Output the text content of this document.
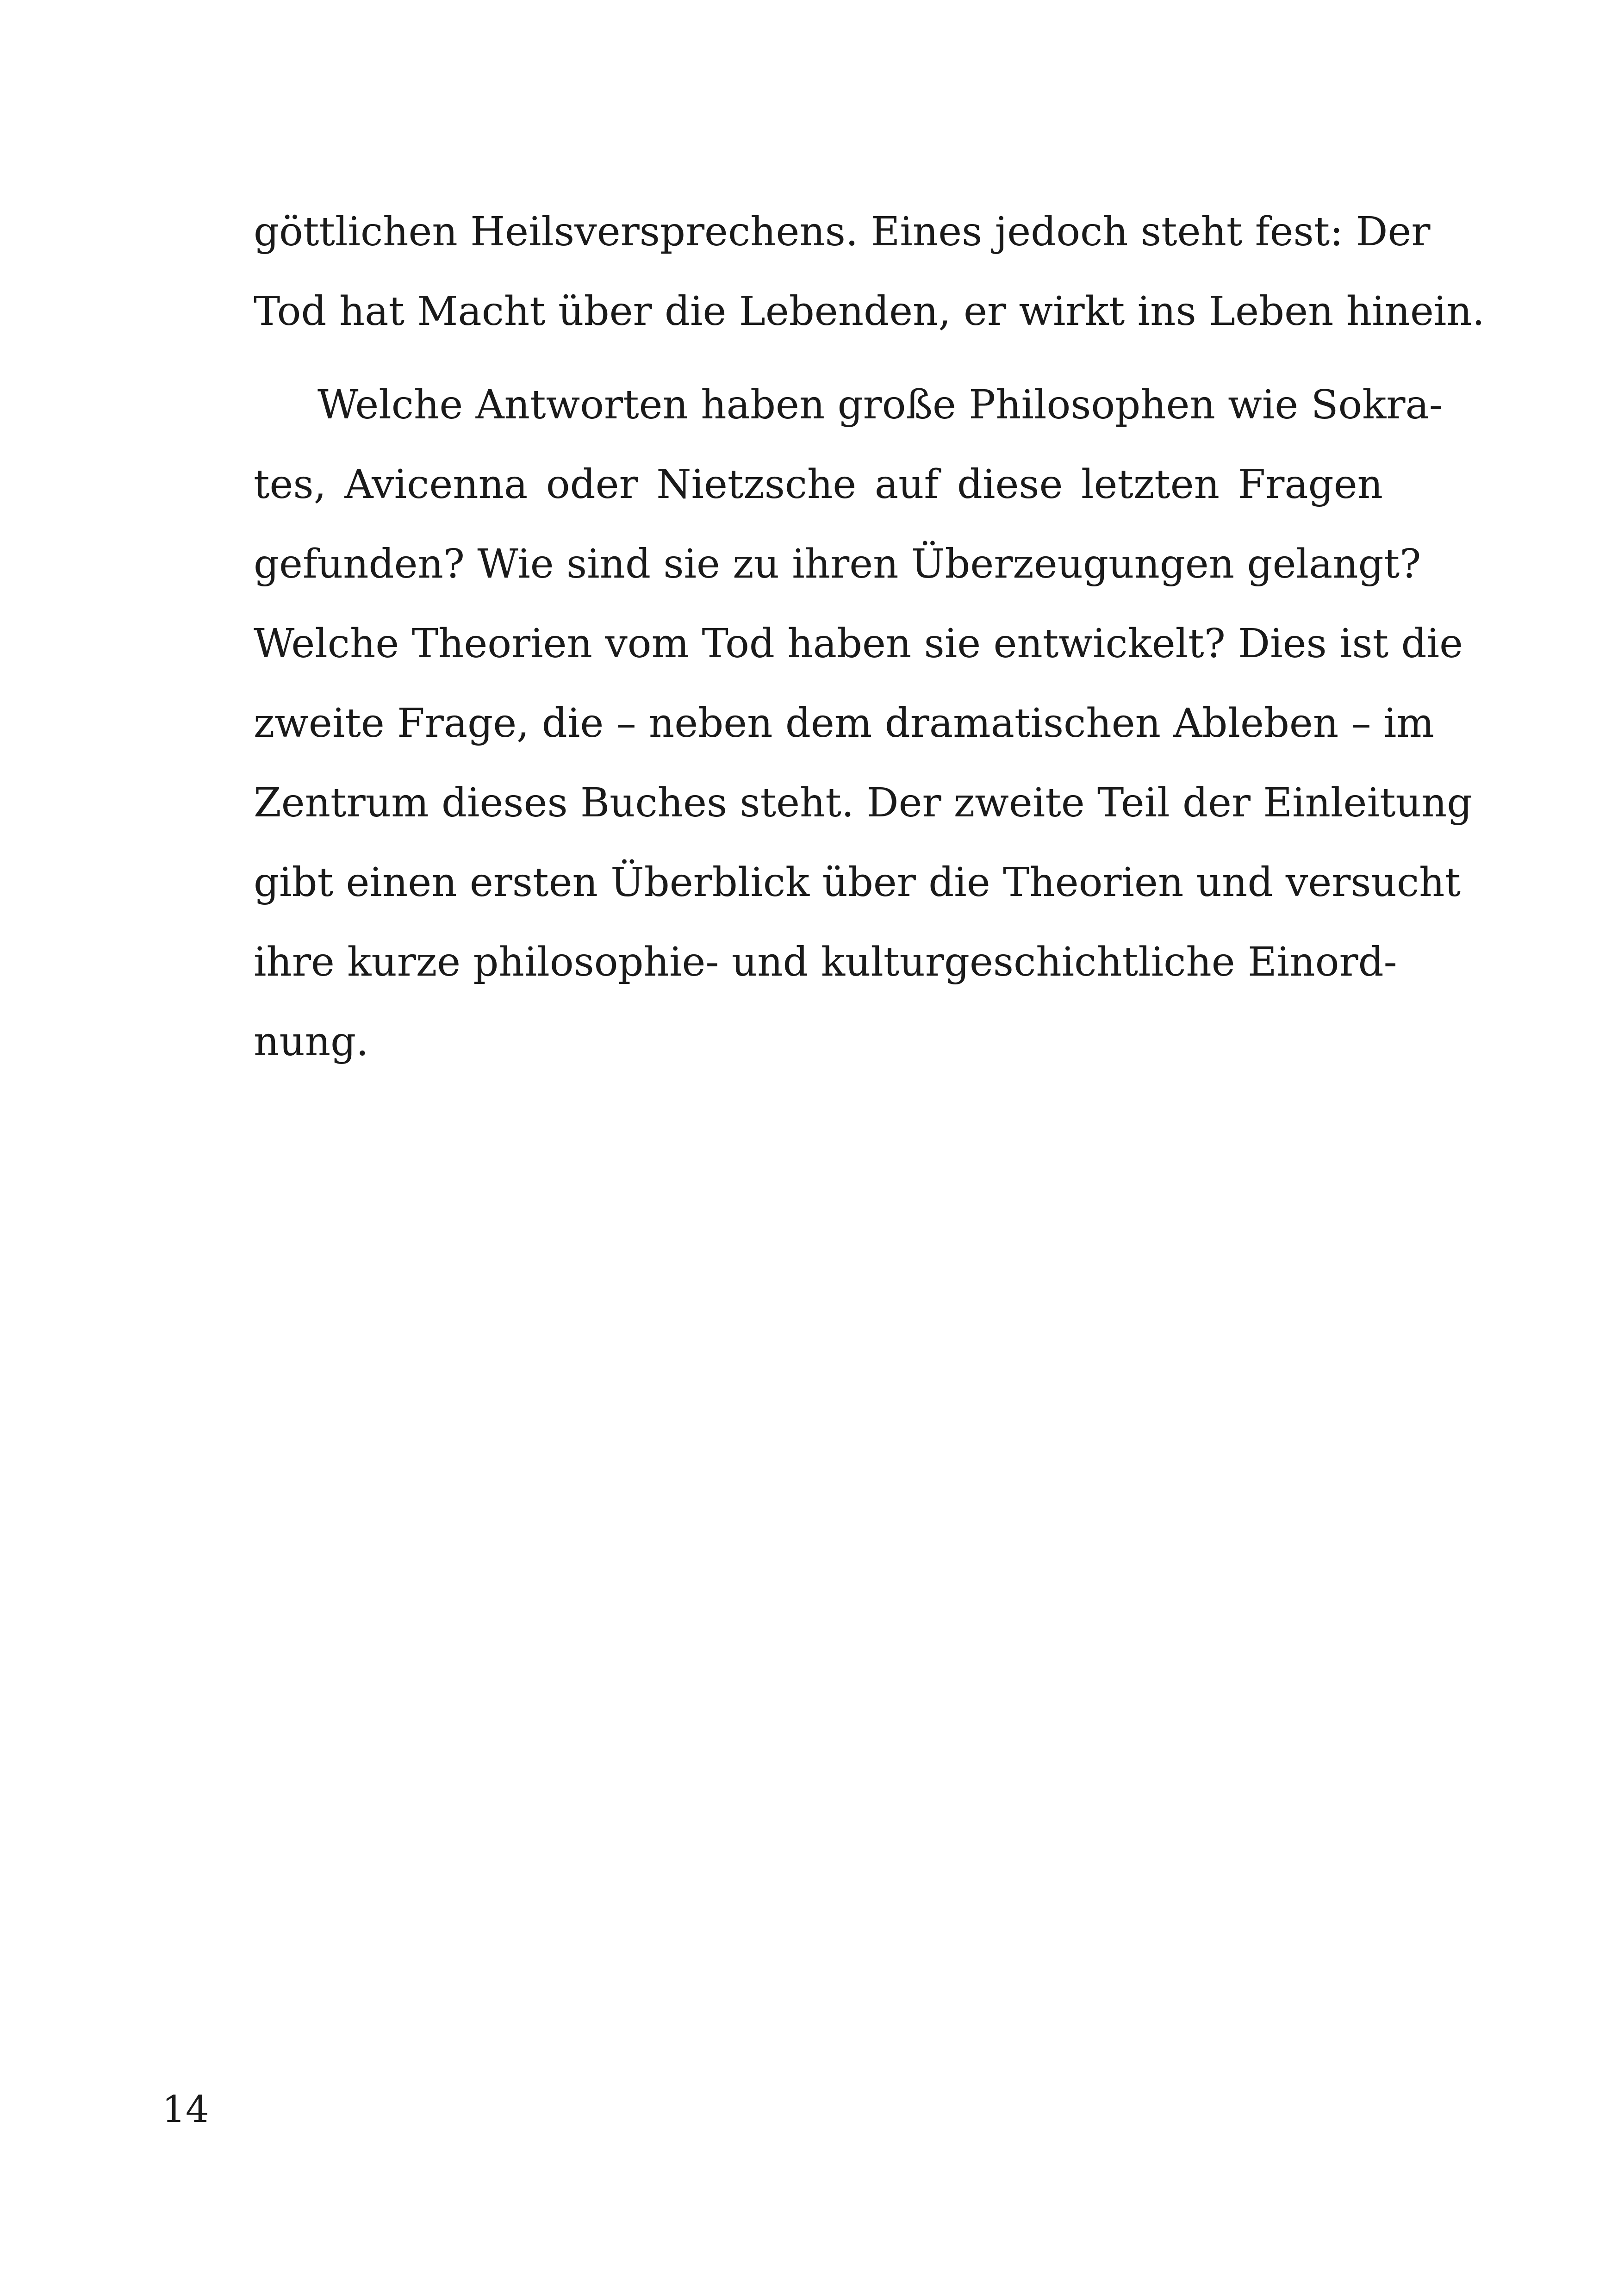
göttlichen Heilsversprechens. Eines jedoch steht fest: Der
Tod hat Macht über die Lebenden, er wirkt ins Leben hinein.
Welche Antworten haben große Philosophen wie Sokra-
tes, Avicenna oder Nietzsche auf diese letzten Fragen
gefunden? Wie sind sie zu ihren Überzeugungen gelangt?
Welche Theorien vom Tod haben sie entwickelt? Dies ist die
zweite Frage, die – neben dem dramatischen Ableben – im
Zentrum dieses Buches steht. Der zweite Teil der Einleitung
gibt einen ersten Überblick über die Theorien und versucht
ihre kurze philosophie- und kulturgeschichtliche Einord-
nung.
14
